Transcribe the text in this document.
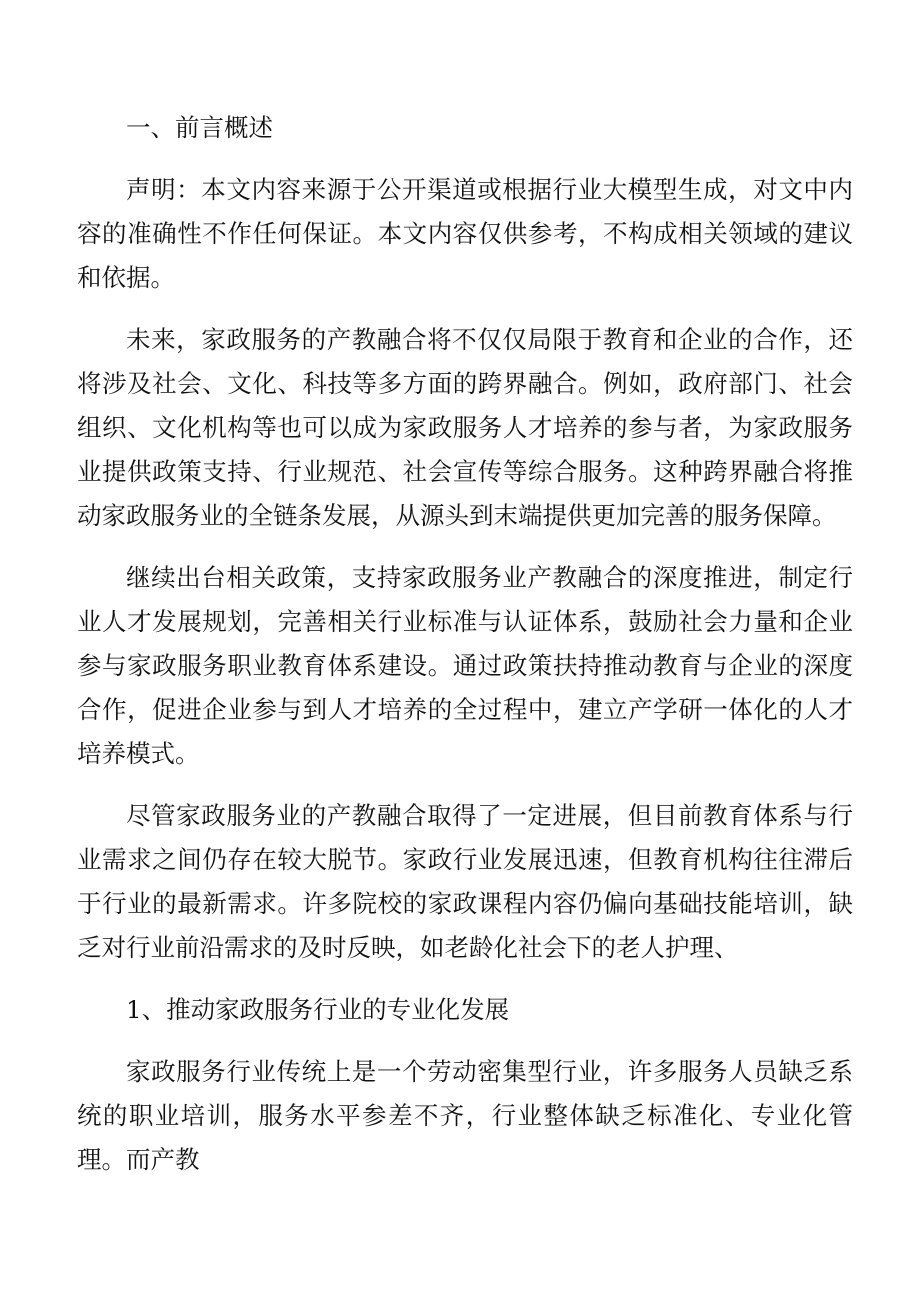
一、前言概述

声明：本文内容来源于公开渠道或根据行业大模型生成，对文中内容的准确性不作任何保证。本文内容仅供参考，不构成相关领域的建议和依据。

未来，家政服务的产教融合将不仅仅局限于教育和企业的合作，还将涉及社会、文化、科技等多方面的跨界融合。例如，政府部门、社会组织、文化机构等也可以成为家政服务人才培养的参与者，为家政服务业提供政策支持、行业规范、社会宣传等综合服务。这种跨界融合将推动家政服务业的全链条发展，从源头到末端提供更加完善的服务保障。

继续出台相关政策，支持家政服务业产教融合的深度推进，制定行业人才发展规划，完善相关行业标准与认证体系，鼓励社会力量和企业参与家政服务职业教育体系建设。通过政策扶持推动教育与企业的深度合作，促进企业参与到人才培养的全过程中，建立产学研一体化的人才培养模式。

尽管家政服务业的产教融合取得了一定进展，但目前教育体系与行业需求之间仍存在较大脱节。家政行业发展迅速，但教育机构往往滞后于行业的最新需求。许多院校的家政课程内容仍偏向基础技能培训，缺乏对行业前沿需求的及时反映，如老龄化社会下的老人护理、

1、推动家政服务行业的专业化发展

家政服务行业传统上是一个劳动密集型行业，许多服务人员缺乏系统的职业培训，服务水平参差不齐，行业整体缺乏标准化、专业化管理。而产教
